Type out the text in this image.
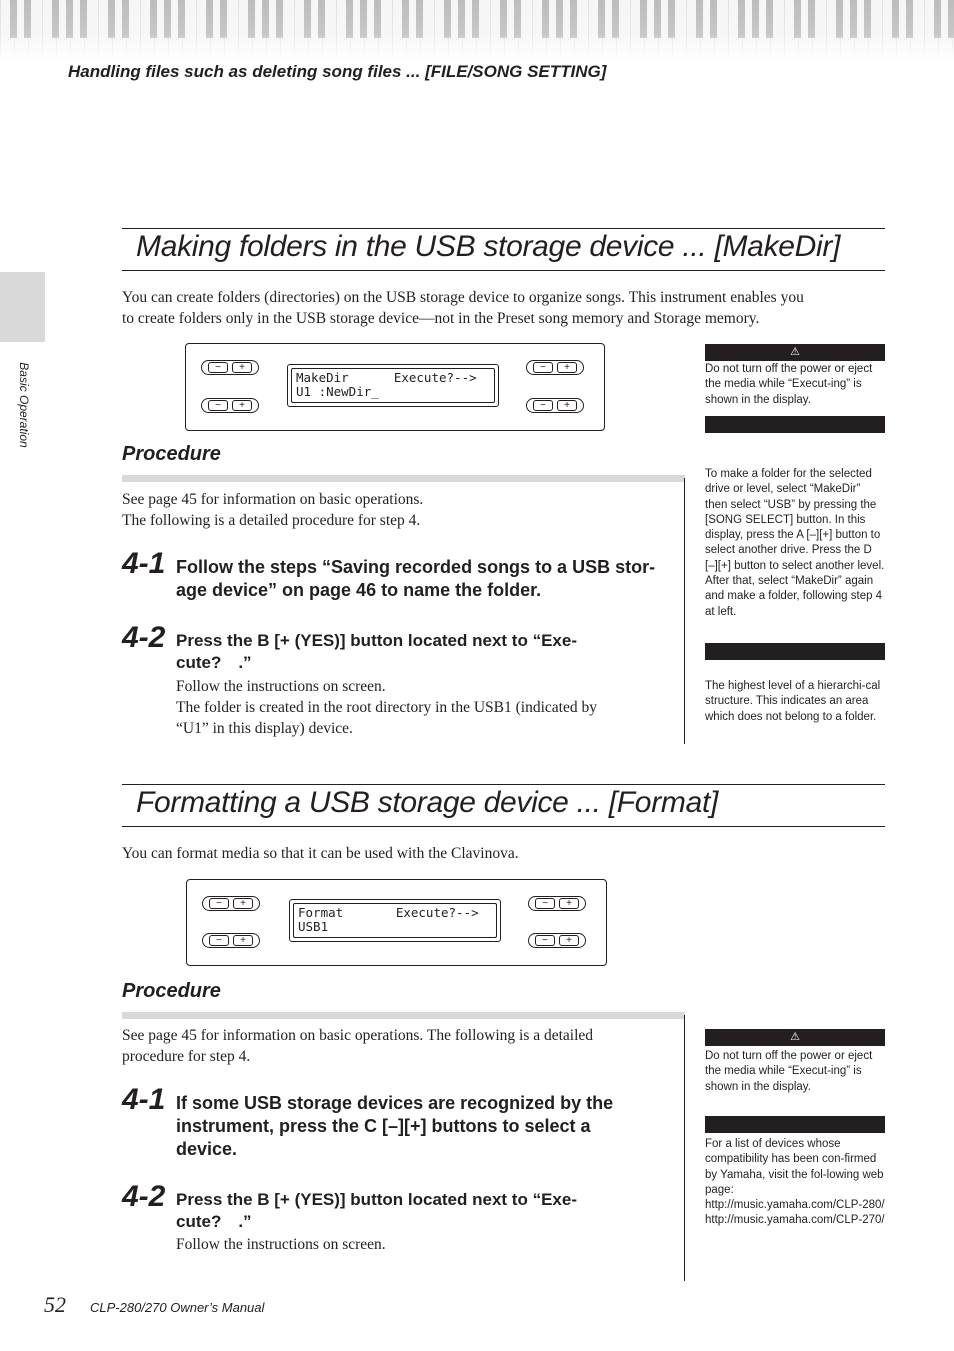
Handling files such as deleting song files ... [FILE/SONG SETTING]
Basic Operation
Making folders in the USB storage device ... [MakeDir]
You can create folders (directories) on the USB storage device to organize songs. This instrument enables you
to create folders only in the USB storage device—not in the Preset song memory and Storage memory.
−	+
−	+
−	+
−	+
MakeDir      Execute?-->
U1 :NewDir_
Procedure
See page 45 for information on basic operations.
The following is a detailed procedure for step 4.
4-1 Follow the steps “Saving recorded songs to a USB stor-
age device” on page 46 to name the folder.
4-2 Press the B [+ (YES)] button located next to “Exe-
cute?  .”
Follow the instructions on screen.
The folder is created in the root directory in the USB1 (indicated by
“U1” in this display) device.
⚠
Do not turn off the power or eject the media while “Execut-ing” is shown in the display.
To make a folder for the selected drive or level, select “MakeDir” then select “USB” by pressing the [SONG SELECT] button. In this display, press the A [–][+] button to select another drive. Press the D [–][+] button to select another level. After that, select “MakeDir” again and make a folder, following step 4 at left.
The highest level of a hierarchi-cal structure. This indicates an area which does not belong to a folder.
Formatting a USB storage device ... [Format]
You can format media so that it can be used with the Clavinova.
−	+
−	+
−	+
−	+
Format       Execute?-->
USB1
Procedure
See page 45 for information on basic operations. The following is a detailed
procedure for step 4.
4-1 If some USB storage devices are recognized by the
instrument, press the C [–][+] buttons to select a
device.
4-2 Press the B [+ (YES)] button located next to “Exe-
cute?  .”
Follow the instructions on screen.
⚠
Do not turn off the power or eject the media while “Execut-ing” is shown in the display.
For a list of devices whose compatibility has been con-firmed by Yamaha, visit the fol-lowing web page: http://music.yamaha.com/CLP-280/ http://music.yamaha.com/CLP-270/
52 CLP-280/270 Owner’s Manual
